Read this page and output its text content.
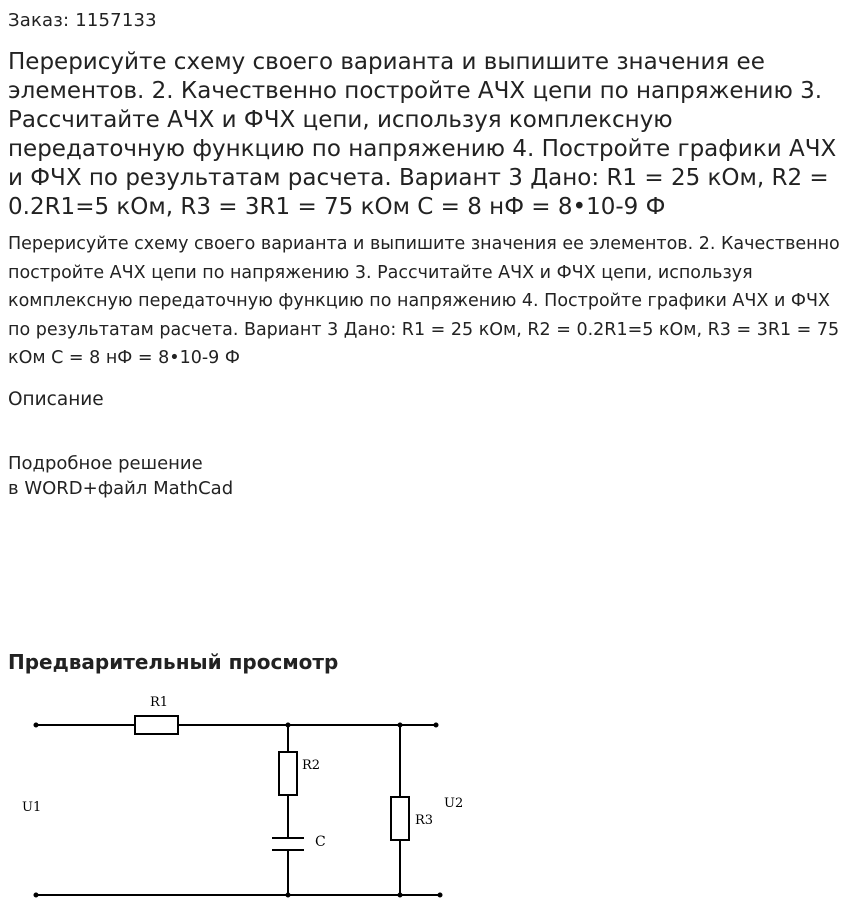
Заказ: 1157133
Перерисуйте схему своего варианта и выпишите значения ее элементов. 2. Качественно постройте АЧХ цепи по напряжению 3. Рассчитайте АЧХ и ФЧХ цепи, используя комплексную передаточную функцию по напряжению 4. Постройте графики АЧХ и ФЧХ по результатам расчета. Вариант 3 Дано: R1 = 25 кОм, R2 = 0.2R1=5 кОм, R3 = 3R1 = 75 кОм С = 8 нФ = 8•10-9 Ф
Перерисуйте схему своего варианта и выпишите значения ее элементов. 2. Качественно постройте АЧХ цепи по напряжению 3. Рассчитайте АЧХ и ФЧХ цепи, используя комплексную передаточную функцию по напряжению 4. Постройте графики АЧХ и ФЧХ по результатам расчета. Вариант 3 Дано: R1 = 25 кОм, R2 = 0.2R1=5 кОм, R3 = 3R1 = 75 кОм С = 8 нФ = 8•10-9 Ф
Описание
Подробное решение
в WORD+файл MathCad
Предварительный просмотр
R1
R2
R3
C
U1	U2
